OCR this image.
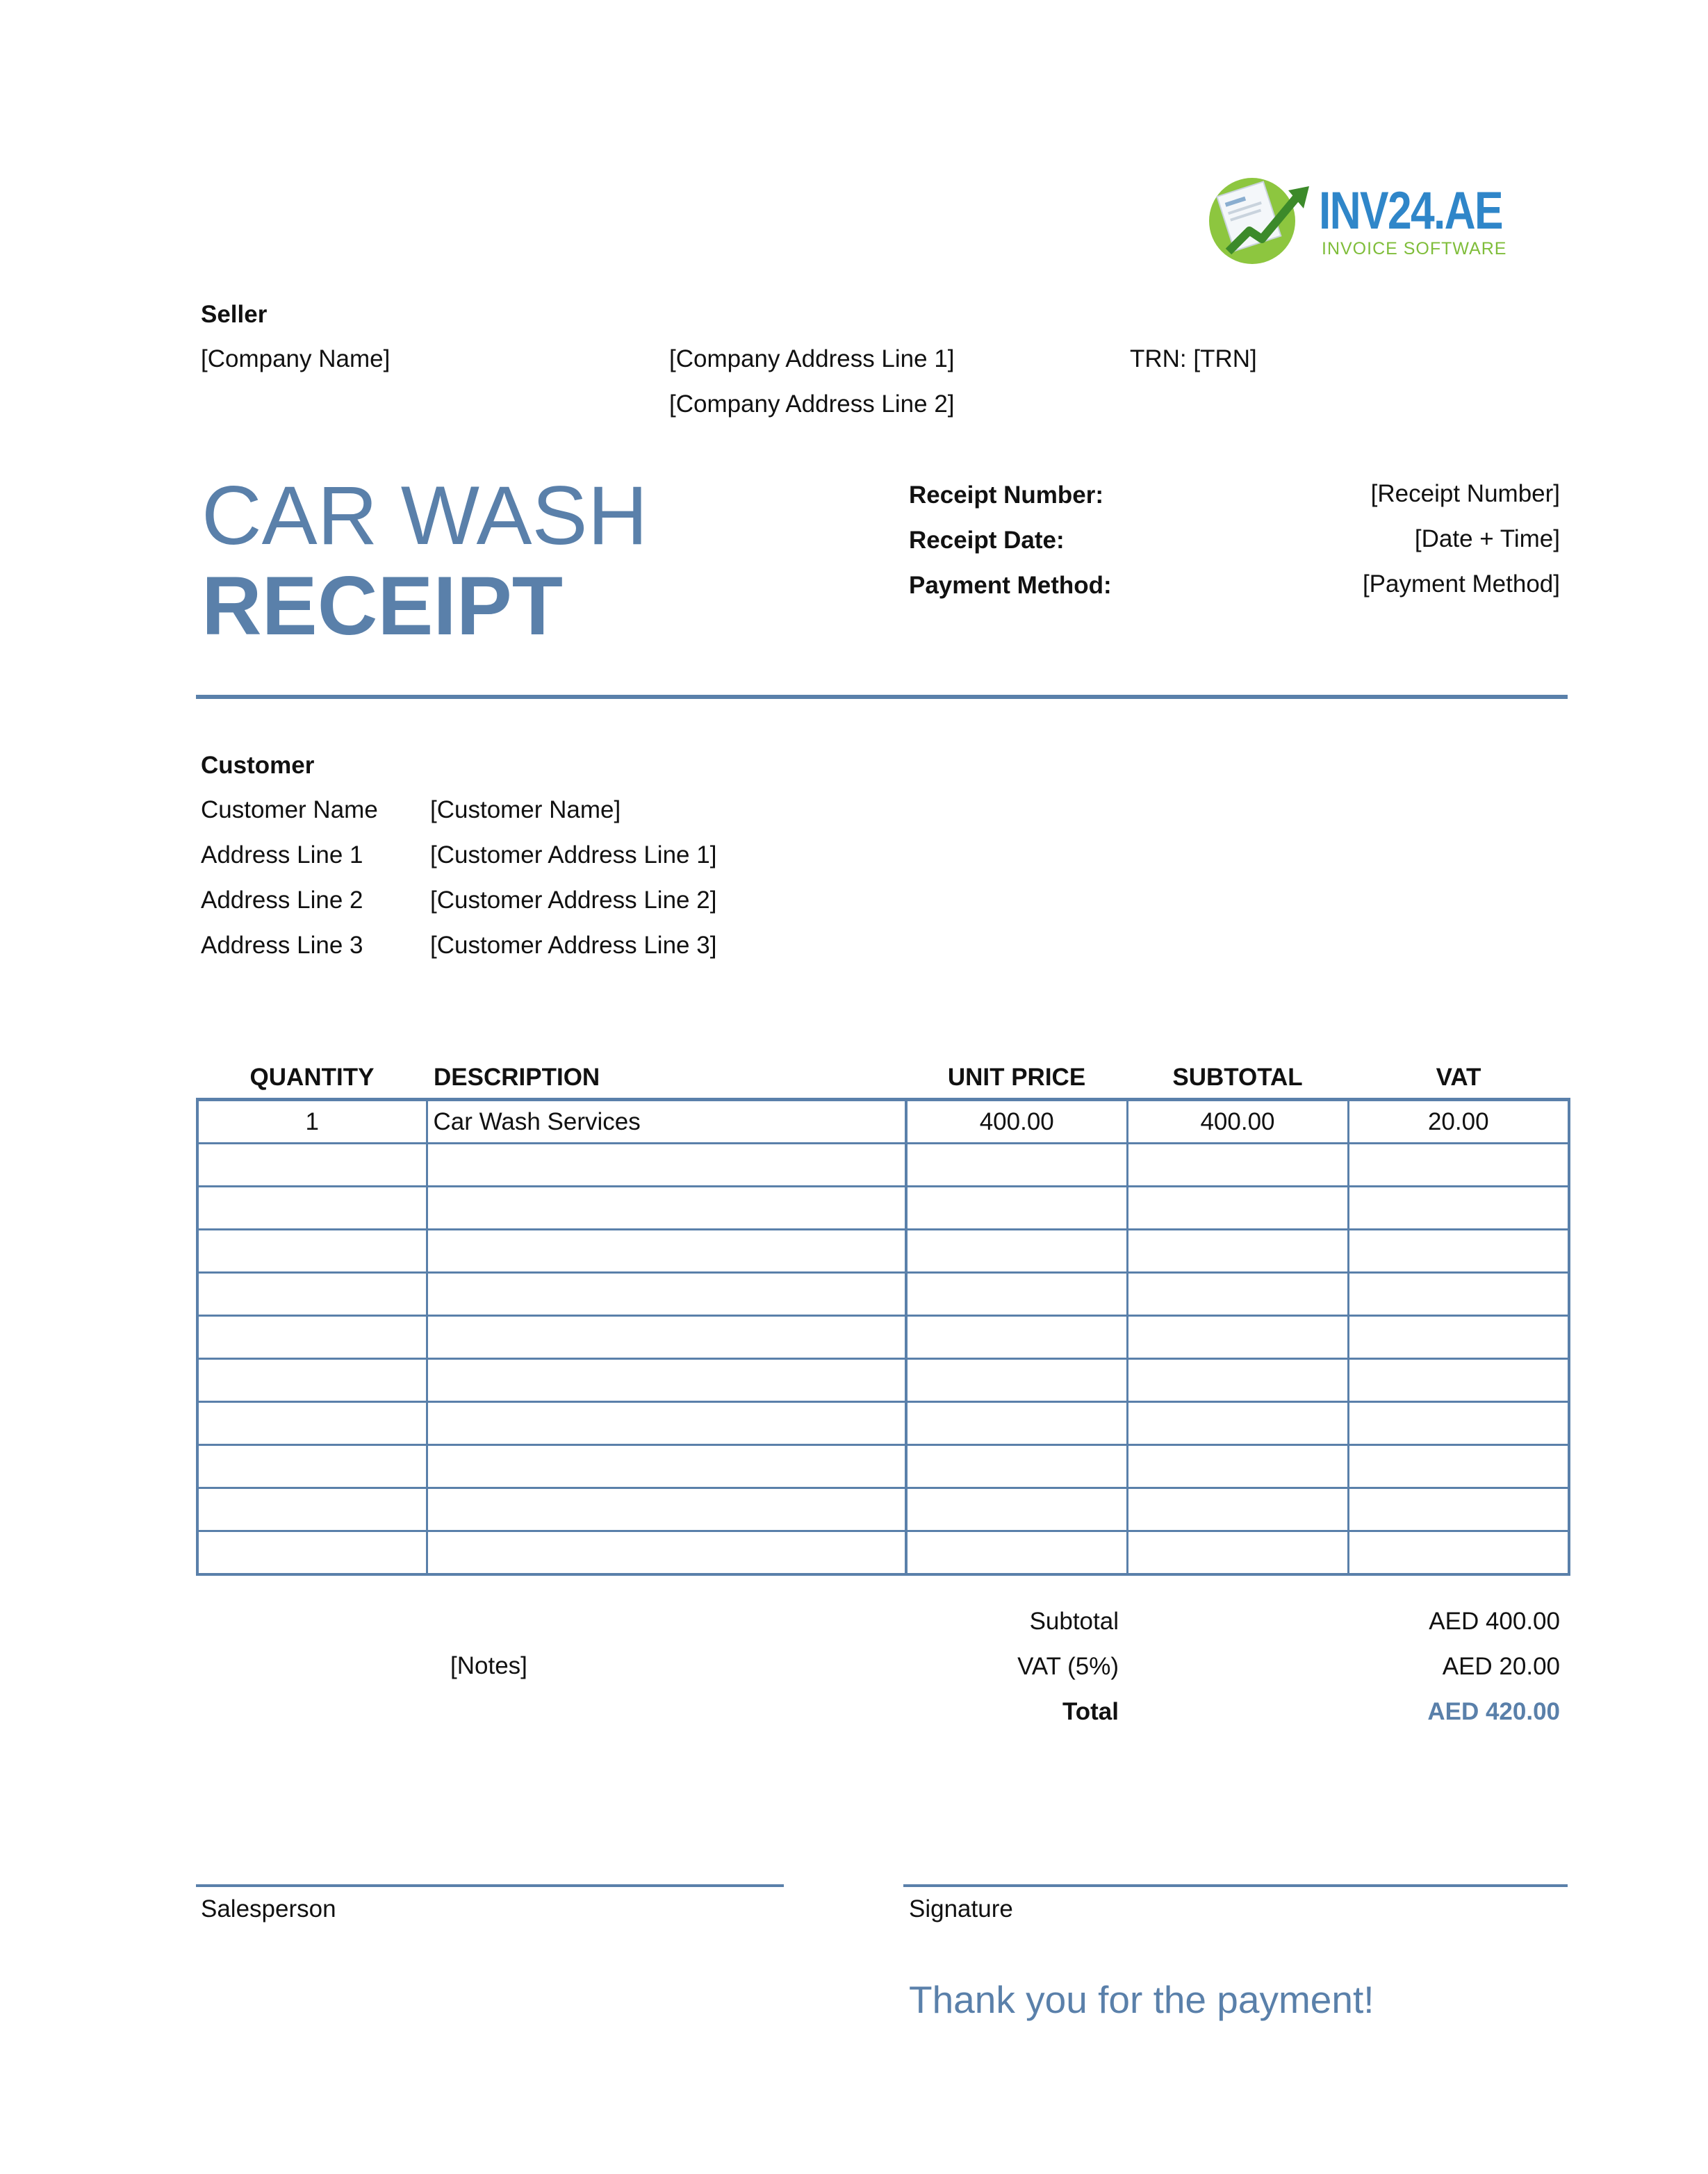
INV24.AE
INVOICE SOFTWARE
Seller
[Company Name]	[Company Address Line 1]
[Company Address Line 2]
TRN: [TRN]
CAR WASH
RECEIPT
Receipt Number:	[Receipt Number]
Receipt Date:	[Date + Time]
Payment Method:	[Payment Method]
Customer
Customer Name [Customer Name]
Address Line 1	[Customer Address Line 1]
Address Line 2	[Customer Address Line 2]
Address Line 3	[Customer Address Line 3]
QUANTITY	DESCRIPTION	UNIT PRICE	SUBTOTAL	VAT
1	Car Wash Services	400.00	400.00	20.00

[Notes]
Subtotal	AED 400.00
VAT (5%)	AED 20.00
Total	AED 420.00
Salesperson	Signature
Thank you for the payment!
